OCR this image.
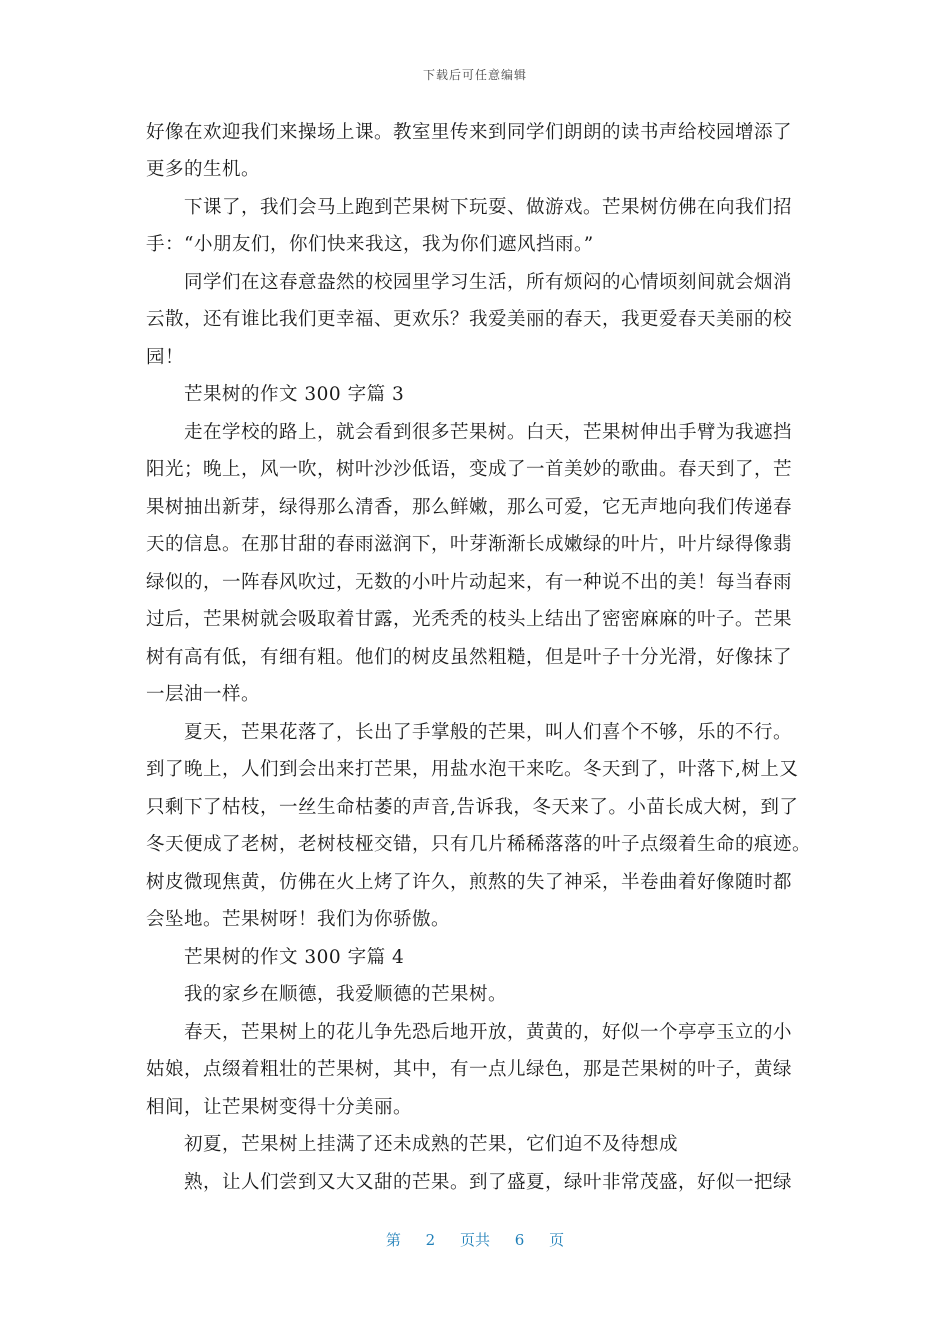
下载后可任意编辑
好像在欢迎我们来操场上课。教室里传来到同学们朗朗的读书声给校园增添了
更多的生机。
　　下课了，我们会马上跑到芒果树下玩耍、做游戏。芒果树仿佛在向我们招
手：“小朋友们，你们快来我这，我为你们遮风挡雨。”
　　同学们在这春意盎然的校园里学习生活，所有烦闷的心情顷刻间就会烟消
云散，还有谁比我们更幸福、更欢乐？我爱美丽的春天，我更爱春天美丽的校
园！
　　芒果树的作文 300 字篇 3
　　走在学校的路上，就会看到很多芒果树。白天，芒果树伸出手臂为我遮挡
阳光；晚上，风一吹，树叶沙沙低语，变成了一首美妙的歌曲。春天到了，芒
果树抽出新芽，绿得那么清香，那么鲜嫩，那么可爱，它无声地向我们传递春
天的信息。在那甘甜的春雨滋润下，叶芽渐渐长成嫩绿的叶片，叶片绿得像翡
绿似的，一阵春风吹过，无数的小叶片动起来，有一种说不出的美！每当春雨
过后，芒果树就会吸取着甘露，光秃秃的枝头上结出了密密麻麻的叶子。芒果
树有高有低，有细有粗。他们的树皮虽然粗糙，但是叶子十分光滑，好像抹了
一层油一样。
　　夏天，芒果花落了，长出了手掌般的芒果，叫人们喜个不够，乐的不行。
到了晚上，人们到会出来打芒果，用盐水泡干来吃。冬天到了，叶落下,树上又
只剩下了枯枝，一丝生命枯萎的声音,告诉我，冬天来了。小苗长成大树，到了
冬天便成了老树，老树枝桠交错，只有几片稀稀落落的叶子点缀着生命的痕迹。
树皮微现焦黄，仿佛在火上烤了许久，煎熬的失了神采，半卷曲着好像随时都
会坠地。芒果树呀！我们为你骄傲。
　　芒果树的作文 300 字篇 4
　　我的家乡在顺德，我爱顺德的芒果树。
　　春天，芒果树上的花儿争先恐后地开放，黄黄的，好似一个亭亭玉立的小
姑娘，点缀着粗壮的芒果树，其中，有一点儿绿色，那是芒果树的叶子，黄绿
相间，让芒果树变得十分美丽。
　　初夏，芒果树上挂满了还未成熟的芒果，它们迫不及待想成
　　熟，让人们尝到又大又甜的芒果。到了盛夏，绿叶非常茂盛，好似一把绿
第 2 页共 6 页
